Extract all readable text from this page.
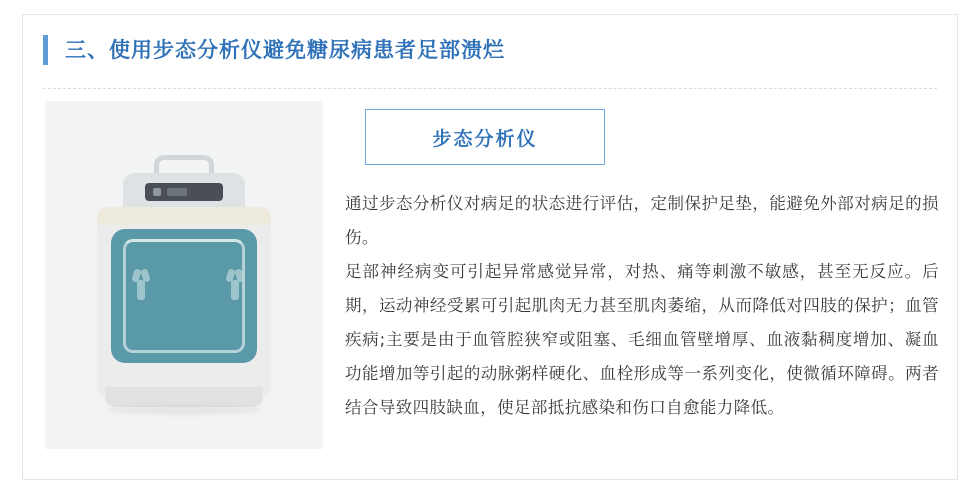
三、使用步态分析仪避免糖尿病患者足部溃烂
步态分析仪

通过步态分析仪对病足的状态进行评估，定制保护足垫，能避免外部对病足的损伤。

足部神经病变可引起异常感觉异常，对热、痛等刺激不敏感，甚至无反应。后期，运动神经受累可引起肌肉无力甚至肌肉萎缩，从而降低对四肢的保护；血管疾病;主要是由于血管腔狭窄或阻塞、毛细血管壁增厚、血液黏稠度增加、凝血功能增加等引起的动脉粥样硬化、血栓形成等一系列变化，使微循环障碍。两者结合导致四肢缺血，使足部抵抗感染和伤口自愈能力降低。
